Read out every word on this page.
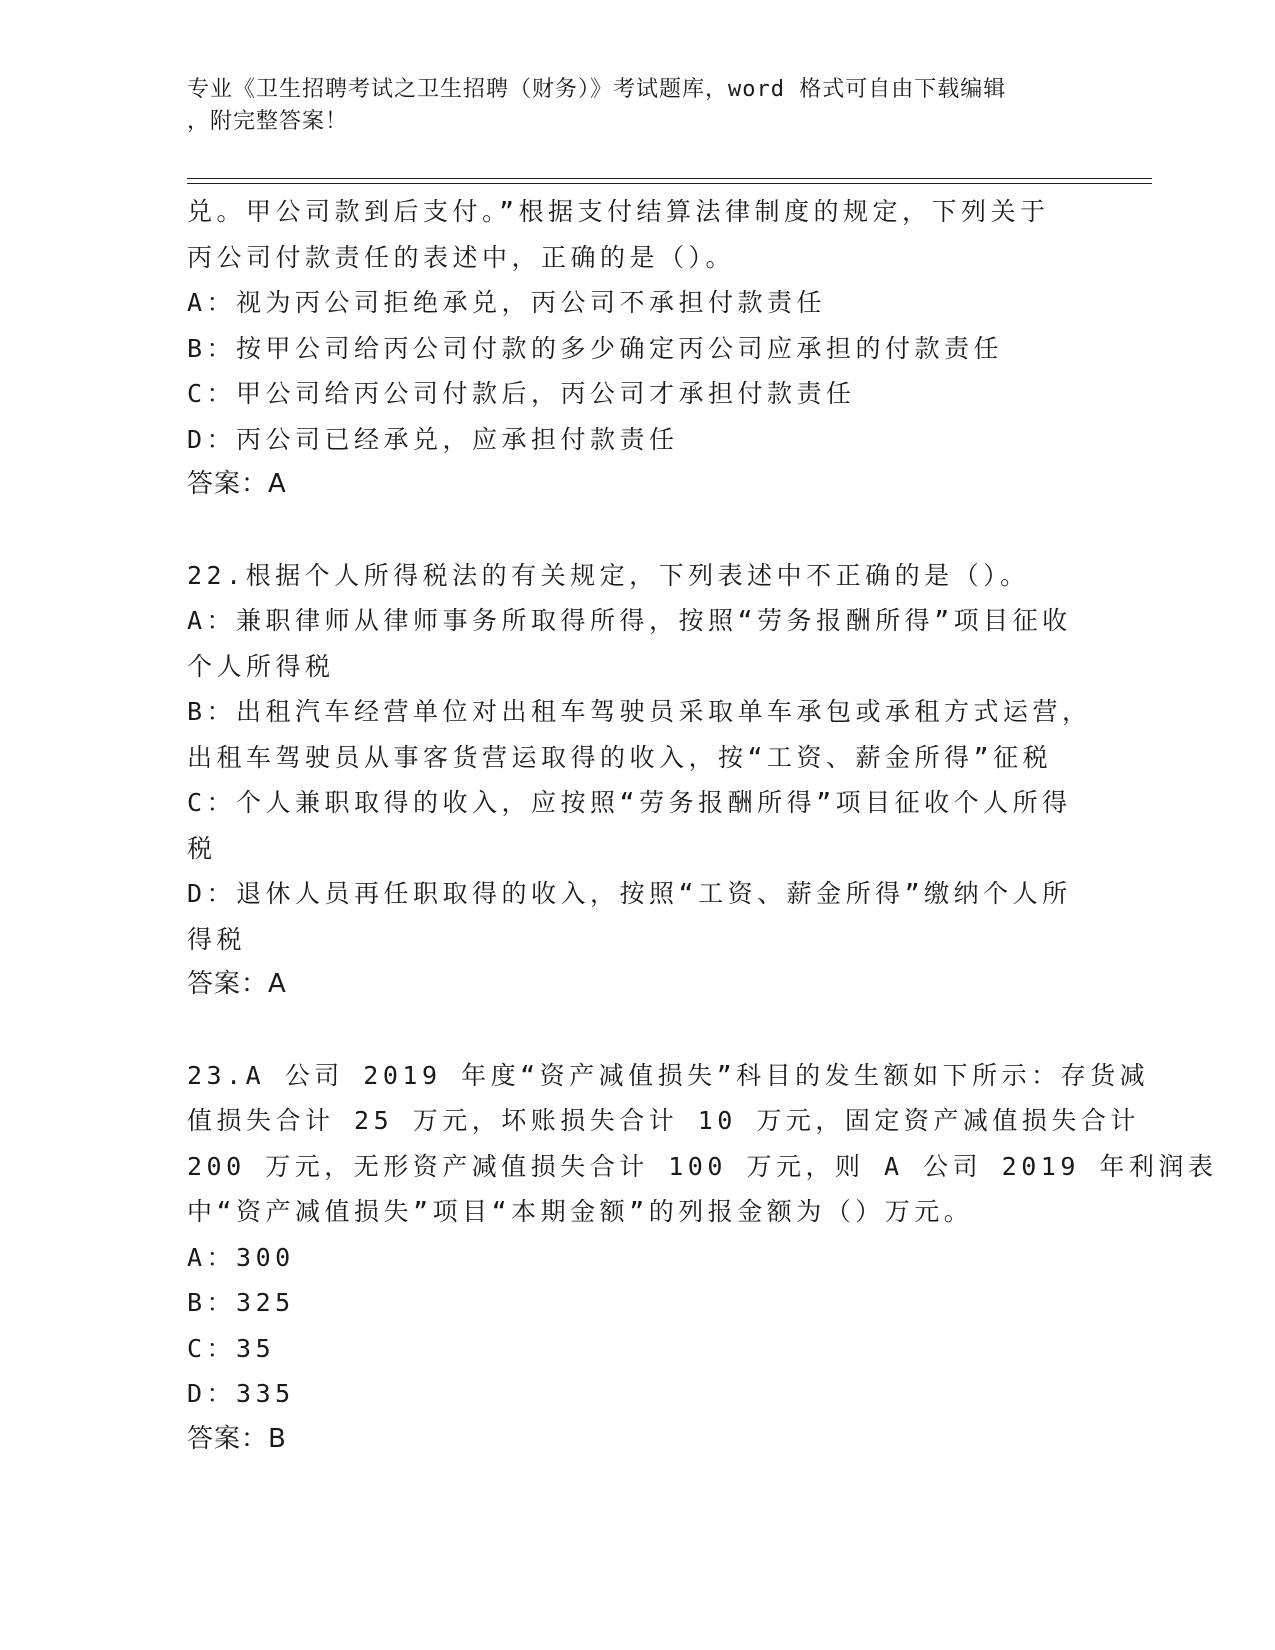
专业《卫生招聘考试之卫生招聘（财务）》考试题库，word 格式可自由下载编辑
，附完整答案！
兑。甲公司款到后支付。”根据支付结算法律制度的规定，下列关于
丙公司付款责任的表述中，正确的是（）。
A：视为丙公司拒绝承兑，丙公司不承担付款责任
B：按甲公司给丙公司付款的多少确定丙公司应承担的付款责任
C：甲公司给丙公司付款后，丙公司才承担付款责任
D：丙公司已经承兑，应承担付款责任
答案：A
22.根据个人所得税法的有关规定，下列表述中不正确的是（）。
A：兼职律师从律师事务所取得所得，按照“劳务报酬所得”项目征收
个人所得税
B：出租汽车经营单位对出租车驾驶员采取单车承包或承租方式运营，
出租车驾驶员从事客货营运取得的收入，按“工资、薪金所得”征税
C：个人兼职取得的收入，应按照“劳务报酬所得”项目征收个人所得
税
D：退休人员再任职取得的收入，按照“工资、薪金所得”缴纳个人所
得税
答案：A
23.A 公司 2019 年度“资产减值损失”科目的发生额如下所示：存货减
值损失合计 25 万元，坏账损失合计 10 万元，固定资产减值损失合计
200 万元，无形资产减值损失合计 100 万元，则 A 公司 2019 年利润表
中“资产减值损失”项目“本期金额”的列报金额为（）万元。
A：300
B：325
C：35
D：335
答案：B
